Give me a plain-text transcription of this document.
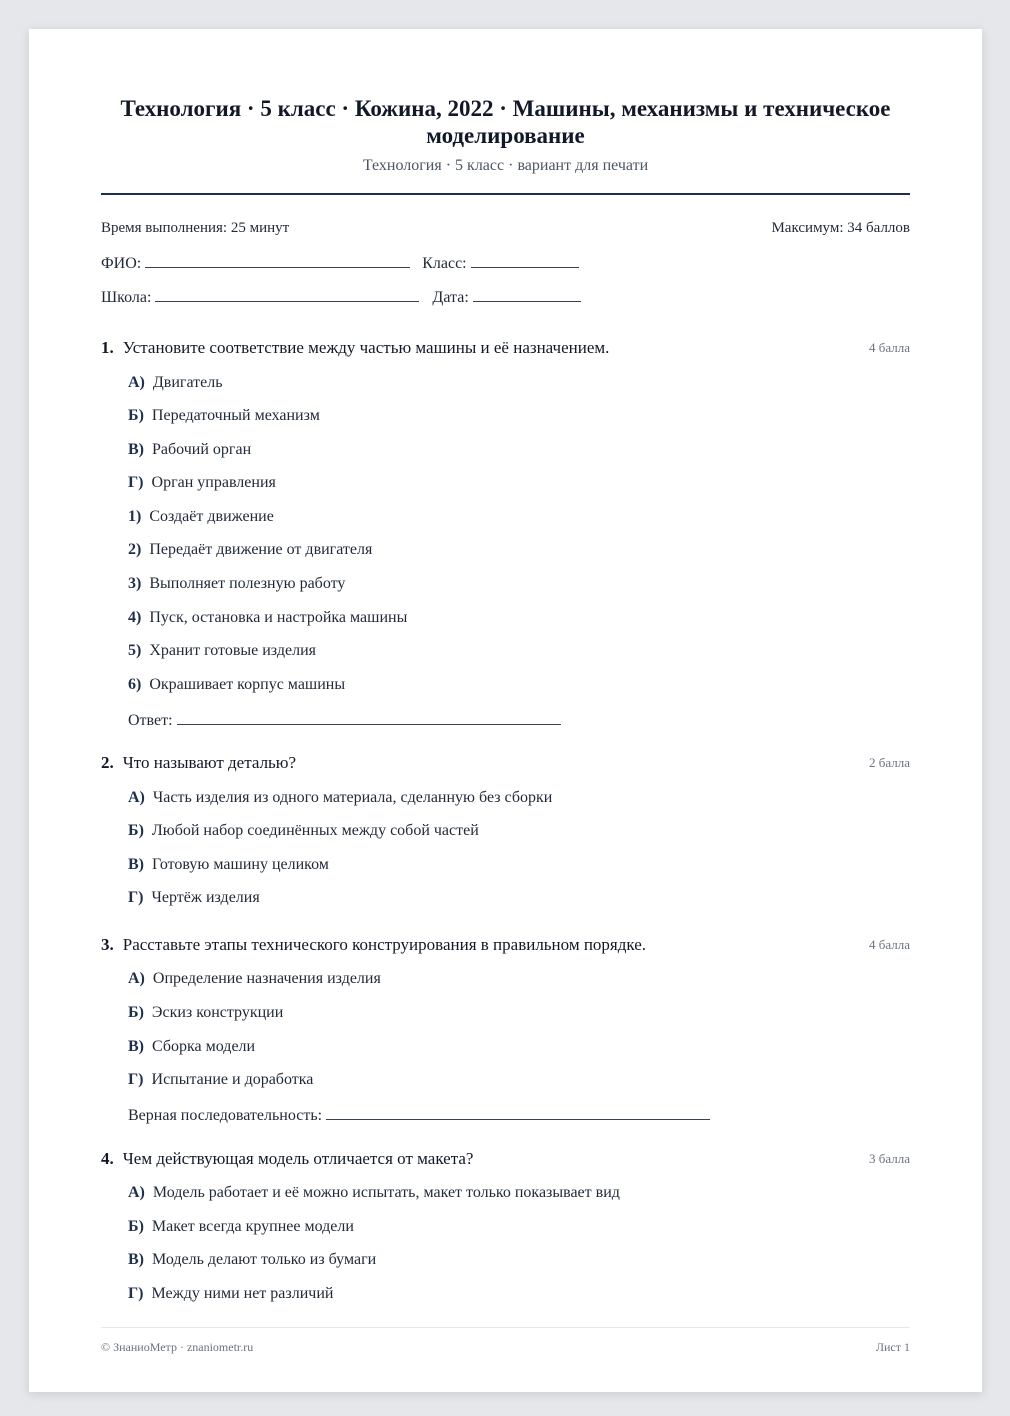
Технология · 5 класс · Кожина, 2022 · Машины, механизмы и техническое моделирование
Технология · 5 класс · вариант для печати
Время выполнения: 25 минут	Максимум: 34 баллов
ФИО:	Класс:
Школа:	Дата:
1. Установите соответствие между частью машины и её назначением.	4 балла
А) Двигатель
Б) Передаточный механизм
В) Рабочий орган
Г) Орган управления
1) Создаёт движение
2) Передаёт движение от двигателя
3) Выполняет полезную работу
4) Пуск, остановка и настройка машины
5) Хранит готовые изделия
6) Окрашивает корпус машины
Ответ:
2. Что называют деталью?	2 балла
А) Часть изделия из одного материала, сделанную без сборки
Б) Любой набор соединённых между собой частей
В) Готовую машину целиком
Г) Чертёж изделия
3. Расставьте этапы технического конструирования в правильном порядке.	4 балла
А) Определение назначения изделия
Б) Эскиз конструкции
В) Сборка модели
Г) Испытание и доработка
Верная последовательность:
4. Чем действующая модель отличается от макета?	3 балла
А) Модель работает и её можно испытать, макет только показывает вид
Б) Макет всегда крупнее модели
В) Модель делают только из бумаги
Г) Между ними нет различий
© ЗнаниоМетр · znaniometr.ru	Лист 1
